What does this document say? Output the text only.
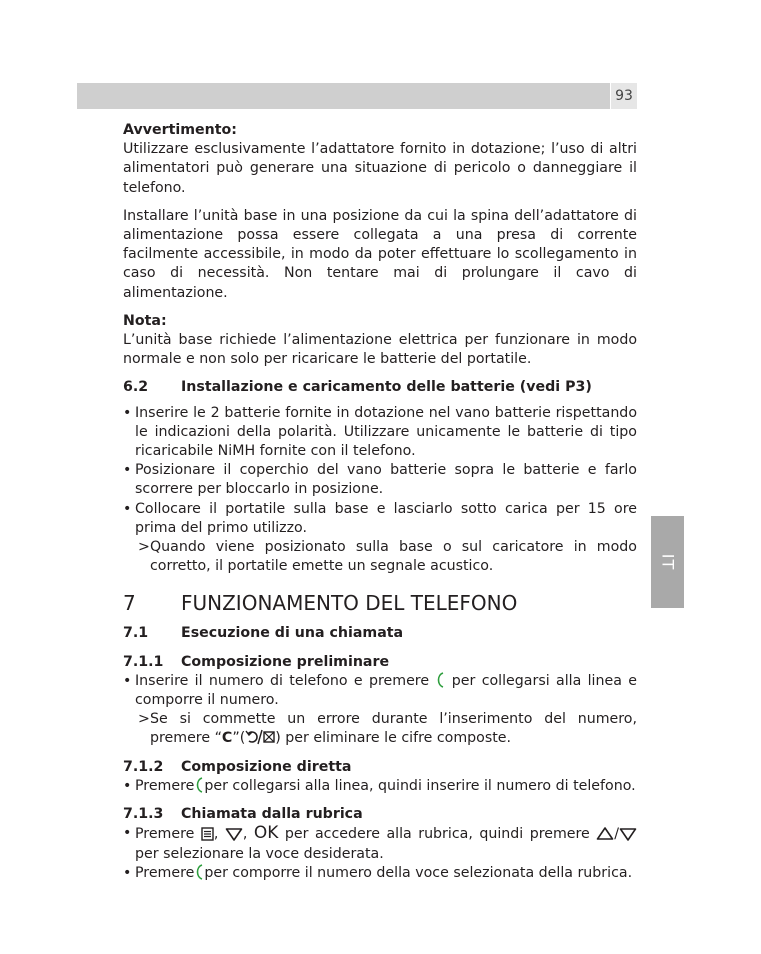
93
IT

Avvertimento:

Utilizzare esclusivamente l’adattatore fornito in dotazione; l’uso di altri alimentatori può generare una situazione di pericolo o danneggiare il telefono.

Installare l’unità base in una posizione da cui la spina dell’adattatore di alimentazione possa essere collegata a una presa di corrente facilmente accessibile, in modo da poter effettuare lo scollegamento in caso di necessità. Non tentare mai di prolungare il cavo di alimentazione.

Nota:

L’unità base richiede l’alimentazione elettrica per funzionare in modo normale e non solo per ricaricare le batterie del portatile.

6.2	Installazione e caricamento delle batterie (vedi P3)
• Inserire le 2 batterie fornite in dotazione nel vano batterie rispettando le indicazioni della polarità. Utilizzare unicamente le batterie di tipo ricaricabile NiMH fornite con il telefono.
• Posizionare il coperchio del vano batterie sopra le batterie e farlo scorrere per bloccarlo in posizione.
• Collocare il portatile sulla base e lasciarlo sotto carica per 15 ore prima del primo utilizzo.
> Quando viene posizionato sulla base o sul caricatore in modo corretto, il portatile emette un segnale acustico.
7	FUNZIONAMENTO DEL TELEFONO
7.1	Esecuzione di una chiamata
7.1.1	Composizione preliminare
• Inserire il numero di telefono e premere per collegarsi alla linea e comporre il numero.
> Se si commette un errore durante l’inserimento del numero, premere “C”( ) per eliminare le cifre composte.
7.1.2	Composizione diretta
• Premere per collegarsi alla linea, quindi inserire il numero di telefono.
7.1.3	Chiamata dalla rubrica
• Premere , , OK per accedere alla rubrica, quindi premere / per selezionare la voce desiderata.
• Premere per comporre il numero della voce selezionata della rubrica.
